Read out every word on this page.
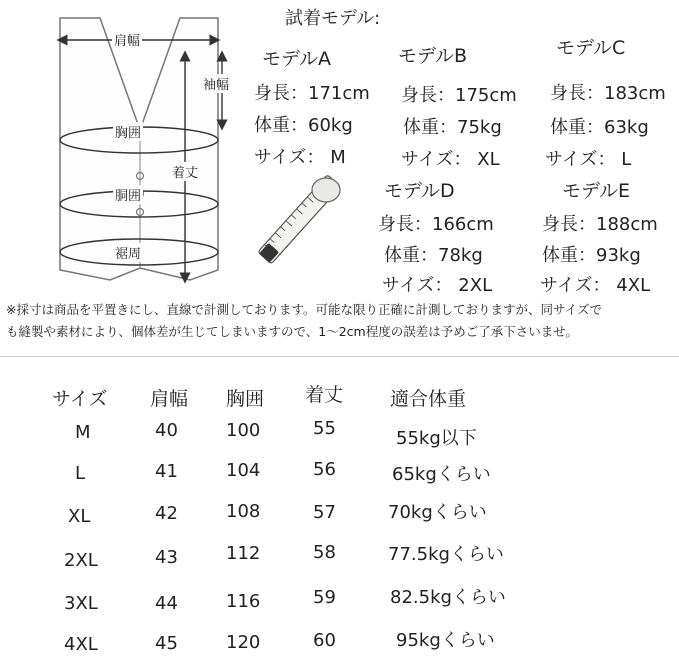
肩幅
袖幅
胸囲
着丈
胴囲
裾周
試着モデル:
モデルA
身長：171cm
体重：60kg
サイズ： M
モデルB
身長：175cm
体重：75kg
サイズ： XL
モデルC
身長：183cm
体重：63kg
サイズ： L
モデルD
身長：166cm
体重：78kg
サイズ： 2XL
モデルE
身長：188cm
体重：93kg
サイズ： 4XL
※採寸は商品を平置きにし、直線で計測しております。可能な限り正確に計測しておりますが、同サイズで
も縫製や素材により、個体差が生じてしまいますので、1～2cm程度の誤差は予めご了承下さいませ。
サイズ 肩幅 胸囲 着丈 適合体重
M	40	100	55	55kg以下
L	41	104	56	65kgくらい
XL	42	108	57	70kgくらい
2XL	43	112	58	77.5kgくらい
3XL	44	116	59	82.5kgくらい
4XL	45	120	60	95kgくらい
